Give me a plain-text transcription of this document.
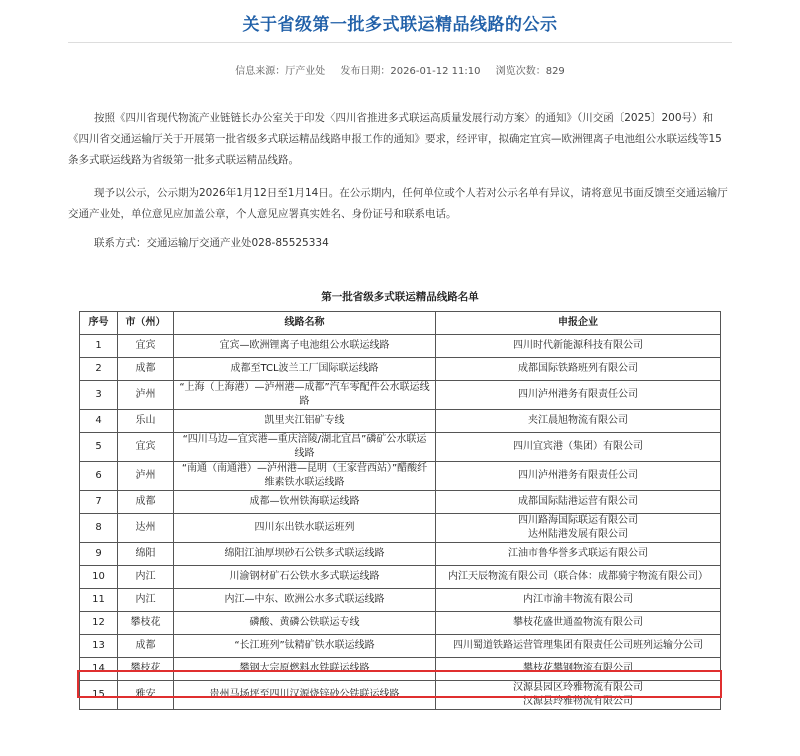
关于省级第一批多式联运精品线路的公示
信息来源：厅产业处 发布日期：2026-01-12 11:10 浏览次数：829
按照《四川省现代物流产业链链长办公室关于印发〈四川省推进多式联运高质量发展行动方案〉的通知》（川交函〔2025〕200号）和《四川省交通运输厅关于开展第一批省级多式联运精品线路申报工作的通知》要求，经评审，拟确定宜宾—欧洲锂离子电池组公水联运线等15条多式联运线路为省级第一批多式联运精品线路。
现予以公示，公示期为2026年1月12日至1月14日。在公示期内，任何单位或个人若对公示名单有异议，请将意见书面反馈至交通运输厅交通产业处，单位意见应加盖公章，个人意见应署真实姓名、身份证号和联系电话。
联系方式：交通运输厅交通产业处028-85525334
第一批省级多式联运精品线路名单
序号	市（州）	线路名称	申报企业
1	宜宾	宜宾—欧洲锂离子电池组公水联运线路	四川时代新能源科技有限公司
2	成都	成都至TCL波兰工厂国际联运线路	成都国际铁路班列有限公司
3	泸州	“上海（上海港）—泸州港—成都”汽车零配件公水联运线路	四川泸州港务有限责任公司
4	乐山	凯里夹江铝矿专线	夹江晨旭物流有限公司
5	宜宾	“四川马边—宜宾港—重庆涪陵/湖北宜昌”磷矿公水联运线路	四川宜宾港（集团）有限公司
6	泸州	“南通（南通港）—泸州港—昆明（王家营西站）”醋酸纤维素铁水联运线路	四川泸州港务有限责任公司
7	成都	成都—钦州铁海联运线路	成都国际陆港运营有限公司
8	达州	四川东出铁水联运班列	四川路海国际联运有限公司
达州陆港发展有限公司
9	绵阳	绵阳江油厚坝砂石公铁多式联运线路	江油市鲁华誉多式联运有限公司
10	内江	川渝钢材矿石公铁水多式联运线路	内江天辰物流有限公司（联合体：成都骑宇物流有限公司）
11	内江	内江—中东、欧洲公水多式联运线路	内江市渝丰物流有限公司
12	攀枝花	磷酸、黄磷公铁联运专线	攀枝花盛世通盈物流有限公司
13	成都	“长江班列”钛精矿铁水联运线路	四川蜀道铁路运营管理集团有限责任公司班列运输分公司
14	攀枝花	攀钢大宗原燃料水铁联运线路	攀枝花攀钢物流有限公司
15	雅安	贵州马场坪至四川汉源烧锌砂公铁联运线路	汉源县园区玲雅物流有限公司
汉源县玲雅物流有限公司
